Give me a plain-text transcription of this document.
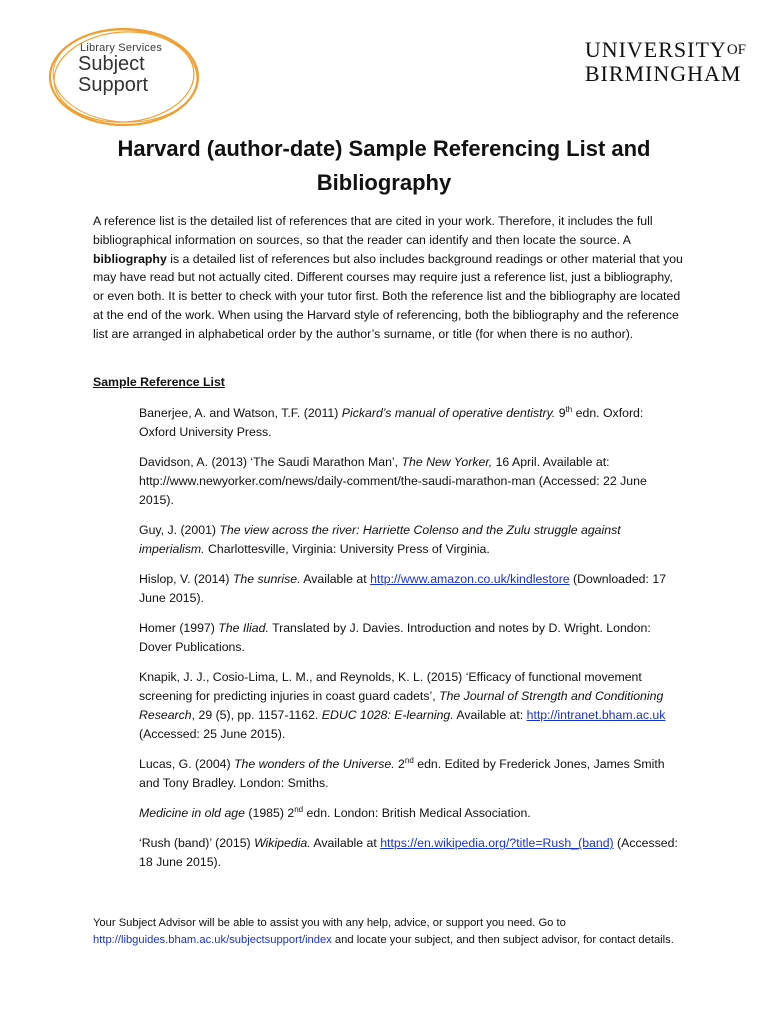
Library Services
Subject
Support
$UNIVERSITY^{OF}$
BIRMINGHAM
Harvard (author-date) Sample Referencing List and Bibliography
A reference list is the detailed list of references that are cited in your work. Therefore, it includes the full bibliographical information on sources, so that the reader can identify and then locate the source. A bibliography is a detailed list of references but also includes background readings or other material that you may have read but not actually cited. Different courses may require just a reference list, just a bibliography, or even both. It is better to check with your tutor first. Both the reference list and the bibliography are located at the end of the work. When using the Harvard style of referencing, both the bibliography and the reference list are arranged in alphabetical order by the author’s surname, or title (for when there is no author).
Sample Reference List
Banerjee, A. and Watson, T.F. (2011) Pickard’s manual of operative dentistry. 9th edn. Oxford: Oxford University Press.
Davidson, A. (2013) ‘The Saudi Marathon Man’, The New Yorker, 16 April. Available at: http://www.newyorker.com/news/daily-comment/the-saudi-marathon-man (Accessed: 22 June 2015).
Guy, J. (2001) The view across the river: Harriette Colenso and the Zulu struggle against imperialism. Charlottesville, Virginia: University Press of Virginia.
Hislop, V. (2014) The sunrise. Available at http://www.amazon.co.uk/kindlestore (Downloaded: 17 June 2015).
Homer (1997) The Iliad. Translated by J. Davies. Introduction and notes by D. Wright. London: Dover Publications.
Knapik, J. J., Cosio-Lima, L. M., and Reynolds, K. L. (2015) ‘Efficacy of functional movement screening for predicting injuries in coast guard cadets’, The Journal of Strength and Conditioning Research, 29 (5), pp. 1157-1162. EDUC 1028: E-learning. Available at: http://intranet.bham.ac.uk (Accessed: 25 June 2015).
Lucas, G. (2004) The wonders of the Universe. 2nd edn. Edited by Frederick Jones, James Smith and Tony Bradley. London: Smiths.
Medicine in old age (1985) 2nd edn. London: British Medical Association.
‘Rush (band)’ (2015) Wikipedia. Available at https://en.wikipedia.org/?title=Rush_(band) (Accessed: 18 June 2015).
Your Subject Advisor will be able to assist you with any help, advice, or support you need. Go to http://libguides.bham.ac.uk/subjectsupport/index and locate your subject, and then subject advisor, for contact details.
